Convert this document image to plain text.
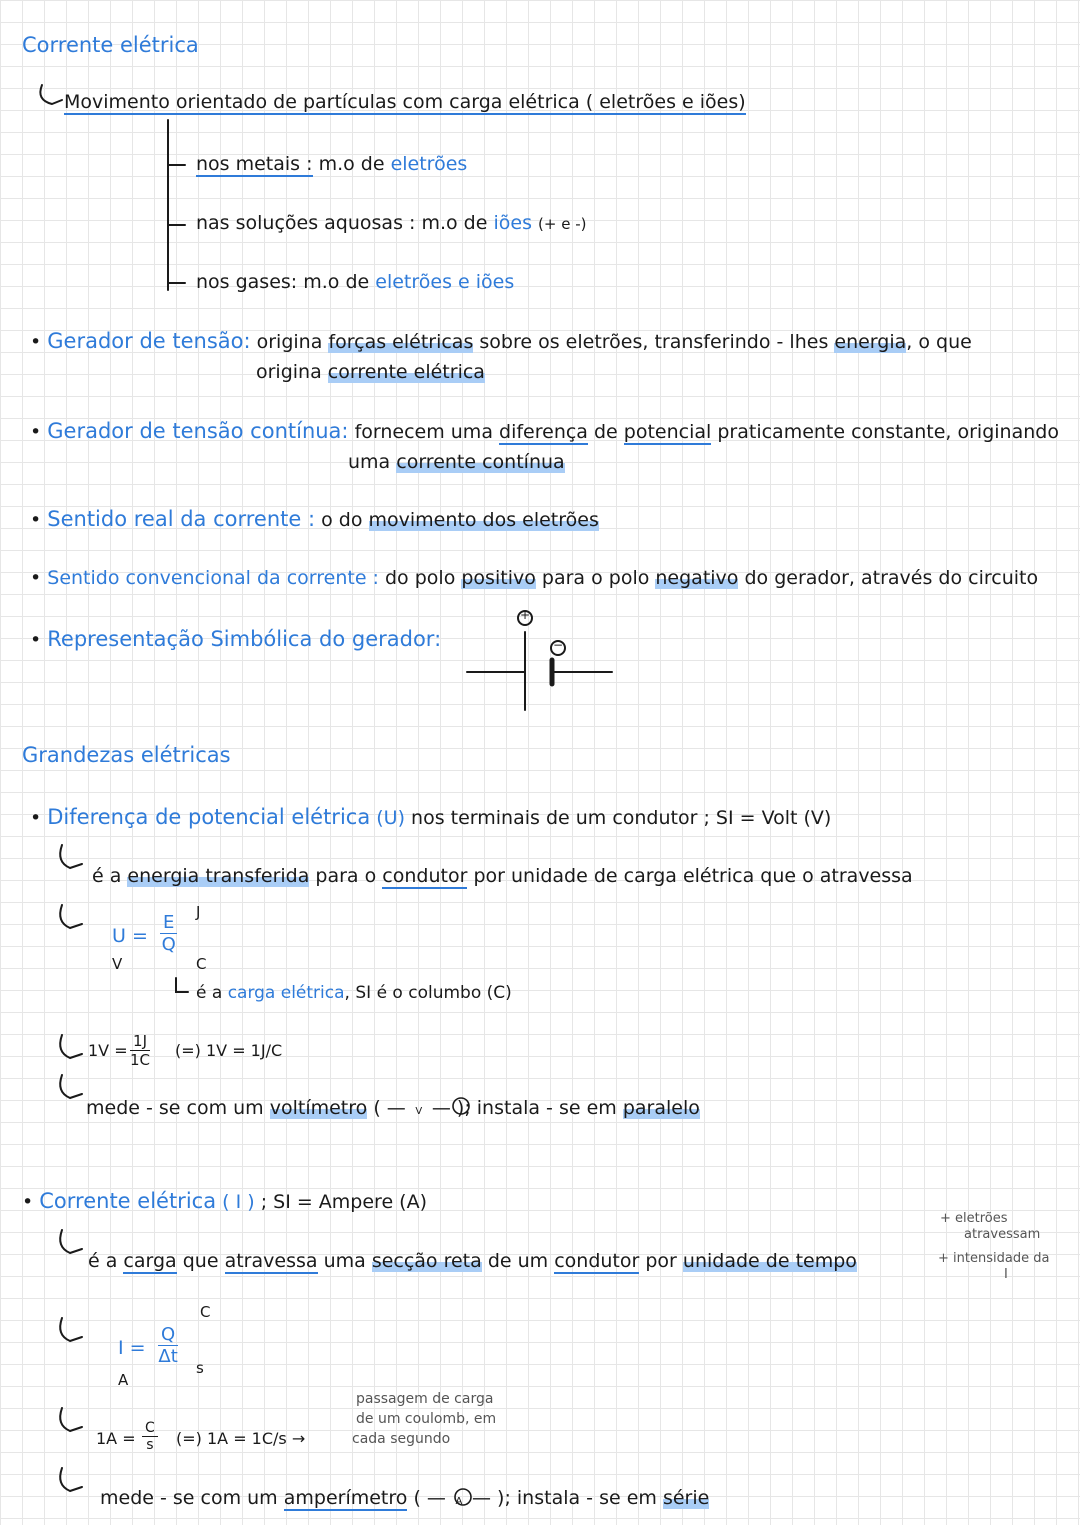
Corrente elétrica
Movimento orientado de partículas com carga elétrica ( eletrões e iões)
nos metais : m.o de eletrões
nas soluções aquosas : m.o de iões (+ e -)
nos gases: m.o de eletrões e iões
• Gerador de tensão: origina forças elétricas sobre os eletrões, transferindo - lhes energia, o que
origina corrente elétrica
• Gerador de tensão contínua: fornecem uma diferença de potencial praticamente constante, originando
uma corrente contínua
• Sentido real da corrente : o do movimento dos eletrões
• Sentido convencional da corrente : do polo positivo para o polo negativo do gerador, através do circuito
• Representação Simbólica do gerador:
+
−
Grandezas elétricas
• Diferença de potencial elétrica (U) nos terminais de um condutor ; SI = Volt (V)
é a energia transferida para o condutor por unidade de carga elétrica que o atravessa
$U = \frac{E}{Q}$ J
C
V
é a carga elétrica, SI é o columbo (C)
$1V = \frac{1J}{1C}$ (=) 1V = 1J/C
mede - se com um voltímetro ( — V — ); instala - se em paralelo
• Corrente elétrica ( I ) ; SI = Ampere (A)
é a carga que atravessa uma secção reta de um condutor por unidade de tempo
+ eletrões
atravessam
+ intensidade da
I
$I = \frac{Q}{\Delta t}$
C
s
A
$1A = \frac{C}{s}$ (=) 1A = 1C/s →
passagem de carga
de um coulomb, em
cada segundo
mede - se com um amperímetro ( — A — ); instala - se em série
